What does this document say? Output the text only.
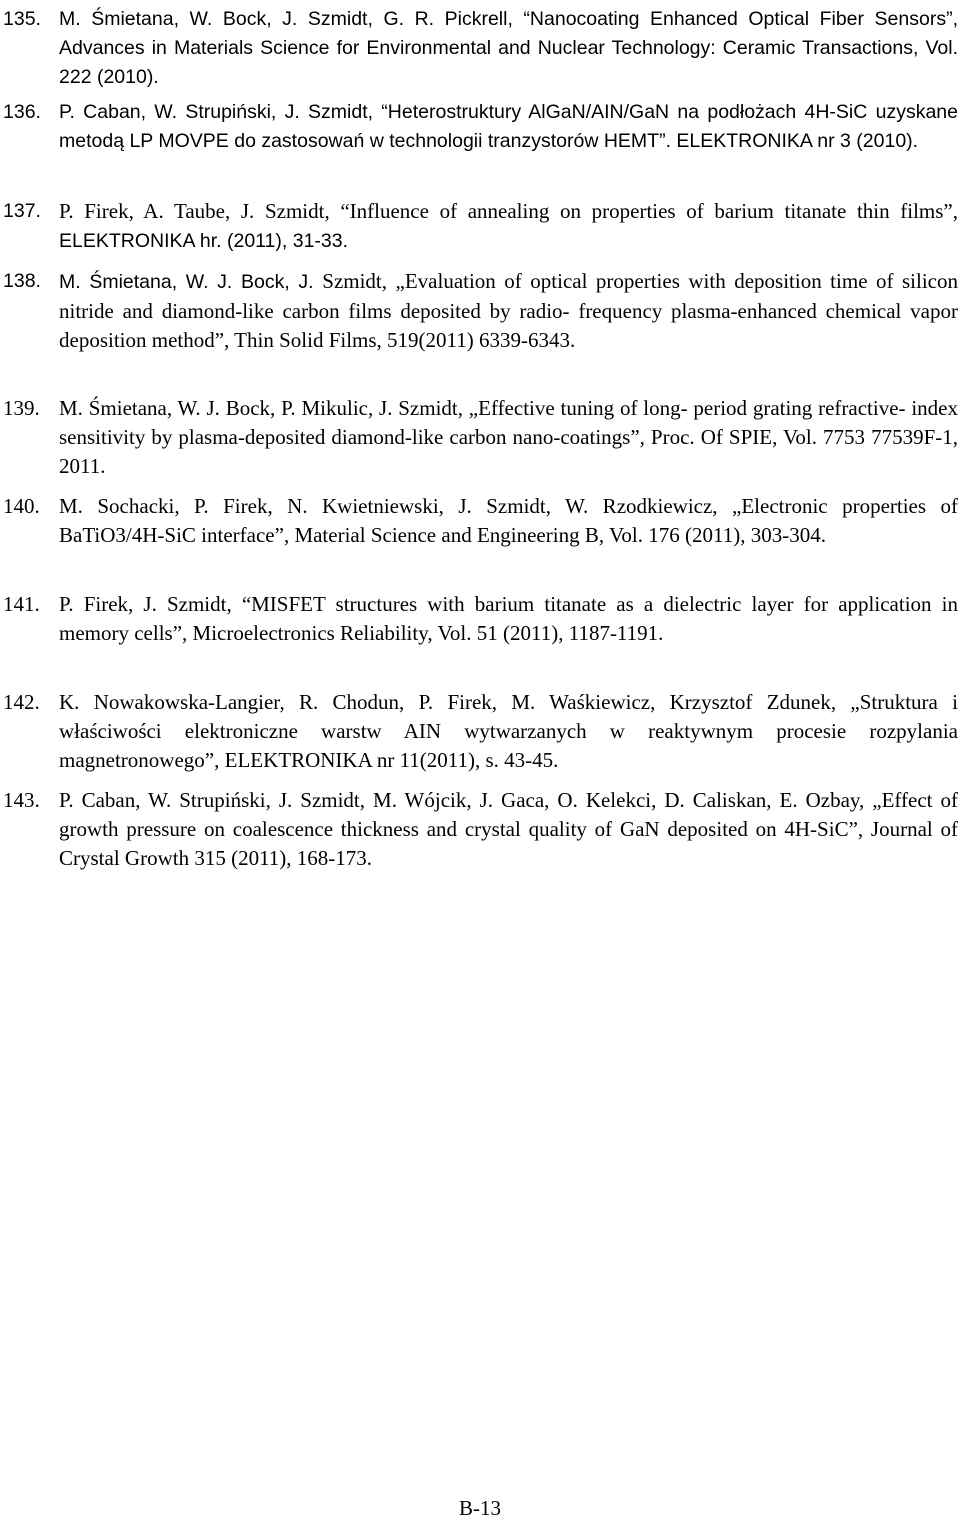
135. M. Śmietana, W. Bock, J. Szmidt, G. R. Pickrell, “Nanocoating Enhanced Optical Fiber Sensors”, Advances in Materials Science for Environmental and Nuclear Technology: Ceramic Transactions, Vol. 222 (2010).
136. P. Caban, W. Strupiński, J. Szmidt, “Heterostruktury AlGaN/AIN/GaN na podłożach 4H-SiC uzyskane metodą LP MOVPE do zastosowań w technologii tranzystorów HEMT”. ELEKTRONIKA nr 3 (2010).
137. P. Firek, A. Taube, J. Szmidt, “Influence of annealing on properties of barium titanate thin films”, ELEKTRONIKA hr. (2011), 31-33.
138. M. Śmietana, W. J. Bock, J. Szmidt, „Evaluation of optical properties with deposition time of silicon nitride and diamond-like carbon films deposited by radio- frequency plasma-enhanced chemical vapor deposition method”, Thin Solid Films, 519(2011) 6339-6343.
139. M. Śmietana, W. J. Bock, P. Mikulic, J. Szmidt, „Effective tuning of long- period grating refractive- index sensitivity by plasma-deposited diamond-like carbon nano-coatings”, Proc. Of SPIE, Vol. 7753 77539F-1, 2011.
140. M. Sochacki, P. Firek, N. Kwietniewski, J. Szmidt, W. Rzodkiewicz, „Electronic properties of BaTiO3/4H-SiC interface”, Material Science and Engineering B, Vol. 176 (2011), 303-304.
141. P. Firek, J. Szmidt, “MISFET structures with barium titanate as a dielectric layer for application in memory cells”, Microelectronics Reliability, Vol. 51 (2011), 1187-1191.
142. K. Nowakowska-Langier, R. Chodun, P. Firek, M. Waśkiewicz, Krzysztof Zdunek, „Struktura i właściwości elektroniczne warstw AIN wytwarzanych w reaktywnym procesie rozpylania magnetronowego”, ELEKTRONIKA nr 11(2011), s. 43-45.
143. P. Caban, W. Strupiński, J. Szmidt, M. Wójcik, J. Gaca, O. Kelekci, D. Caliskan, E. Ozbay, „Effect of growth pressure on coalescence thickness and crystal quality of GaN deposited on 4H-SiC”, Journal of Crystal Growth 315 (2011), 168-173.
B-13
